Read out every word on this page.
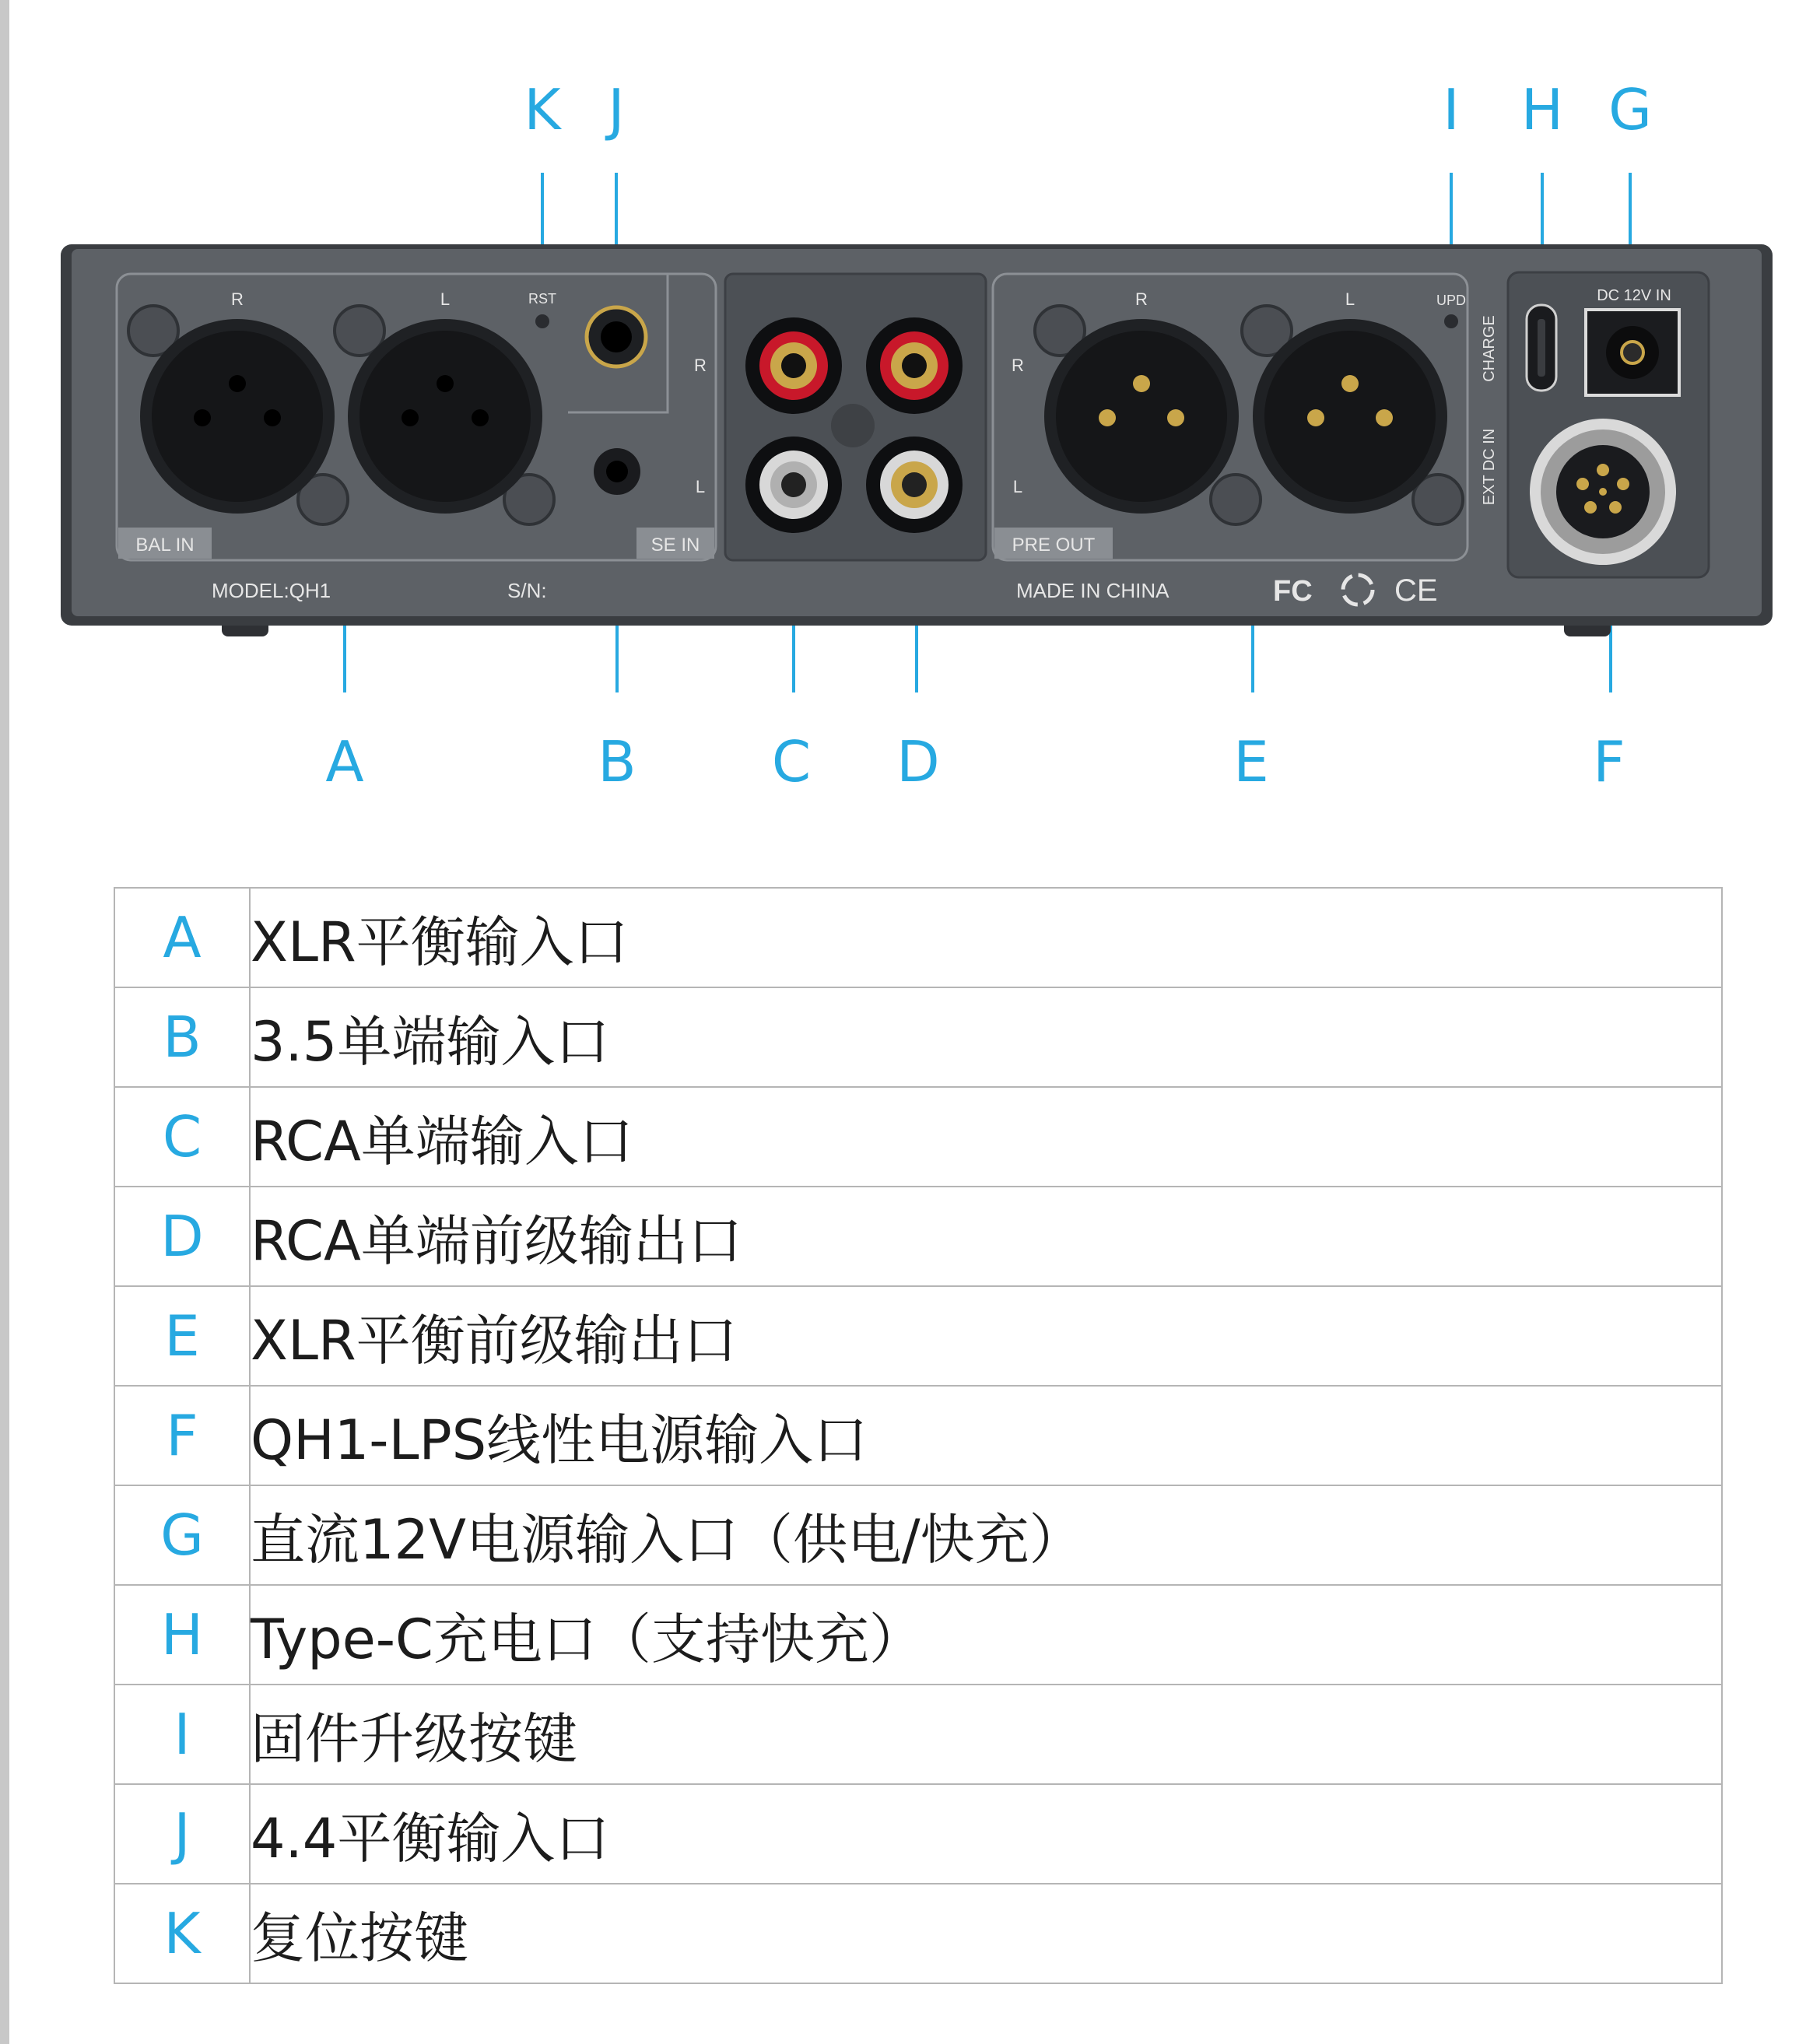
K J	I H G
A	B C D	E	F
BAL IN
R	L	RST
SE IN
R
L
R
L
PRE OUT
R	L	UPD
CHARGE
EXT DC IN
DC 12V IN
MODEL:QH1	S/N:	MADE IN CHINA	FC	CE
A	XLR平衡输入口
B	3.5单端输入口
C	RCA单端输入口
D	RCA单端前级输出口
E	XLR平衡前级输出口
F	QH1-LPS线性电源输入口
G	直流12V电源输入口（供电/快充）
H	Type-C充电口（支持快充）
I	固件升级按键
J	4.4平衡输入口
K	复位按键
